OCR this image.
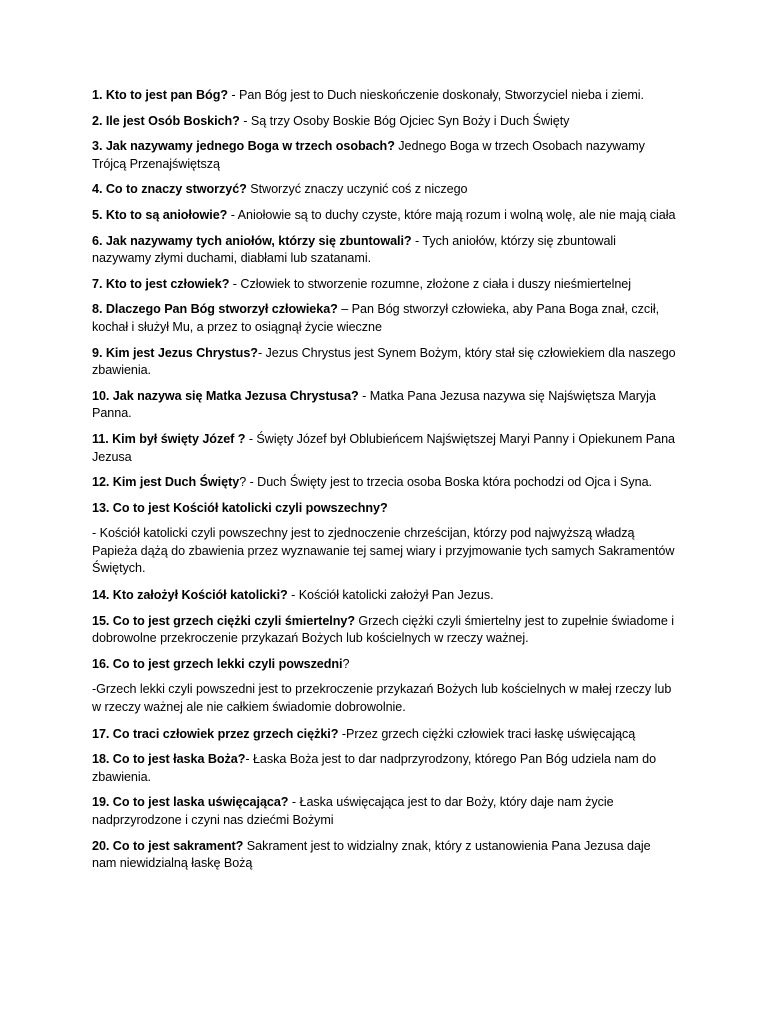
1. Kto to jest pan Bóg? - Pan Bóg jest to Duch nieskończenie doskonały, Stworzyciel nieba i ziemi.

2. Ile jest Osób Boskich? - Są trzy Osoby Boskie Bóg Ojciec Syn Boży i Duch Święty

3. Jak nazywamy jednego Boga w trzech osobach? Jednego Boga w trzech Osobach nazywamy Trójcą Przenajświętszą

4. Co to znaczy stworzyć? Stworzyć znaczy uczynić coś z niczego

5. Kto to są aniołowie? - Aniołowie są to duchy czyste, które mają rozum i wolną wolę, ale nie mają ciała

6. Jak nazywamy tych aniołów, którzy się zbuntowali? - Tych aniołów, którzy się zbuntowali nazywamy złymi duchami, diabłami lub szatanami.

7. Kto to jest człowiek? - Człowiek to stworzenie rozumne, złożone z ciała i duszy nieśmiertelnej

8. Dlaczego Pan Bóg stworzył człowieka? – Pan Bóg stworzył człowieka, aby Pana Boga znał, czcił, kochał i służył Mu, a przez to osiągnął życie wieczne

9. Kim jest Jezus Chrystus?- Jezus Chrystus jest Synem Bożym, który stał się człowiekiem dla naszego zbawienia.

10. Jak nazywa się Matka Jezusa Chrystusa? - Matka Pana Jezusa nazywa się Najświętsza Maryja Panna.

11. Kim był święty Józef ? - Święty Józef był Oblubieńcem Najświętszej Maryi Panny i Opiekunem Pana Jezusa

12. Kim jest Duch Święty? - Duch Święty jest to trzecia osoba Boska która pochodzi od Ojca i Syna.

13. Co to jest Kościół katolicki czyli powszechny?

- Kościół katolicki czyli powszechny jest to zjednoczenie chrześcijan, którzy pod najwyższą władzą Papieża dążą do zbawienia przez wyznawanie tej samej wiary i przyjmowanie tych samych Sakramentów Świętych.

14. Kto założył Kościół katolicki? - Kościół katolicki założył Pan Jezus.

15. Co to jest grzech ciężki czyli śmiertelny? Grzech ciężki czyli śmiertelny jest to zupełnie świadome i dobrowolne przekroczenie przykazań Bożych lub kościelnych w rzeczy ważnej.

16. Co to jest grzech lekki czyli powszedni?

-Grzech lekki czyli powszedni jest to przekroczenie przykazań Bożych lub kościelnych w małej rzeczy lub w rzeczy ważnej ale nie całkiem świadomie dobrowolnie.

17. Co traci człowiek przez grzech ciężki? -Przez grzech ciężki człowiek traci łaskę uświęcającą

18. Co to jest łaska Boża?- Łaska Boża jest to dar nadprzyrodzony, którego Pan Bóg udziela nam do zbawienia.

19. Co to jest laska uświęcająca? - Łaska uświęcająca jest to dar Boży, który daje nam życie nadprzyrodzone i czyni nas dziećmi Bożymi

20. Co to jest sakrament? Sakrament jest to widzialny znak, który z ustanowienia Pana Jezusa daje nam niewidzialną łaskę Bożą
